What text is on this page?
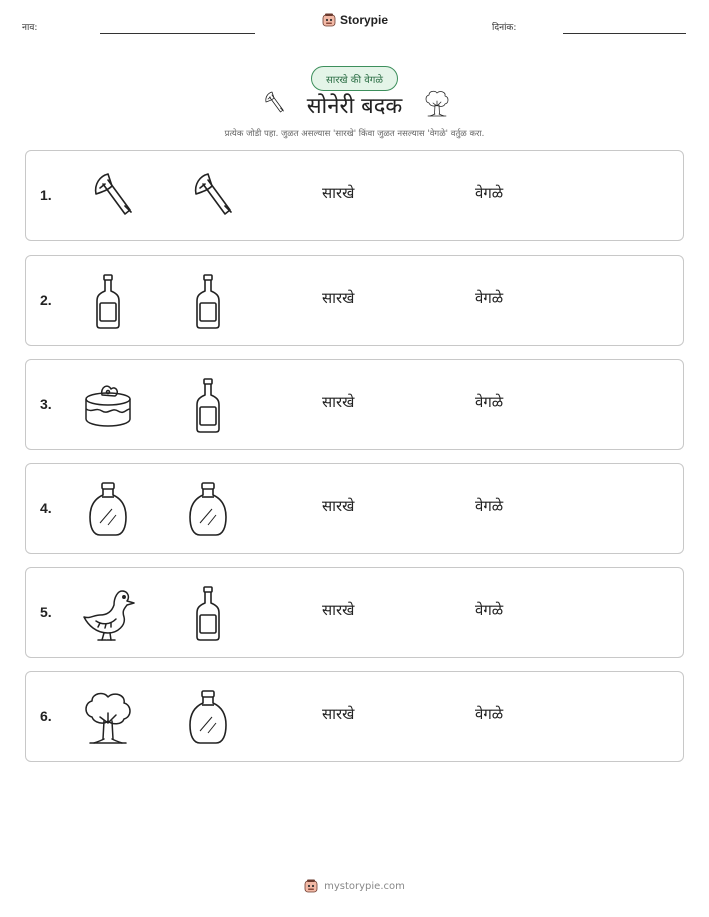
नाव:
Storypie
दिनांक:
सारखे की वेगळे
सोनेरी बदक
प्रत्येक जोडी पहा. जुळत असल्यास 'सारखे' किंवा जुळत नसल्यास 'वेगळे' वर्तुळ करा.
1.	सारखे	वेगळे
2.	सारखे	वेगळे
3.	सारखे	वेगळे
4.	सारखे	वेगळे
5.	सारखे	वेगळे
6.	सारखे	वेगळे
mystorypie.com
